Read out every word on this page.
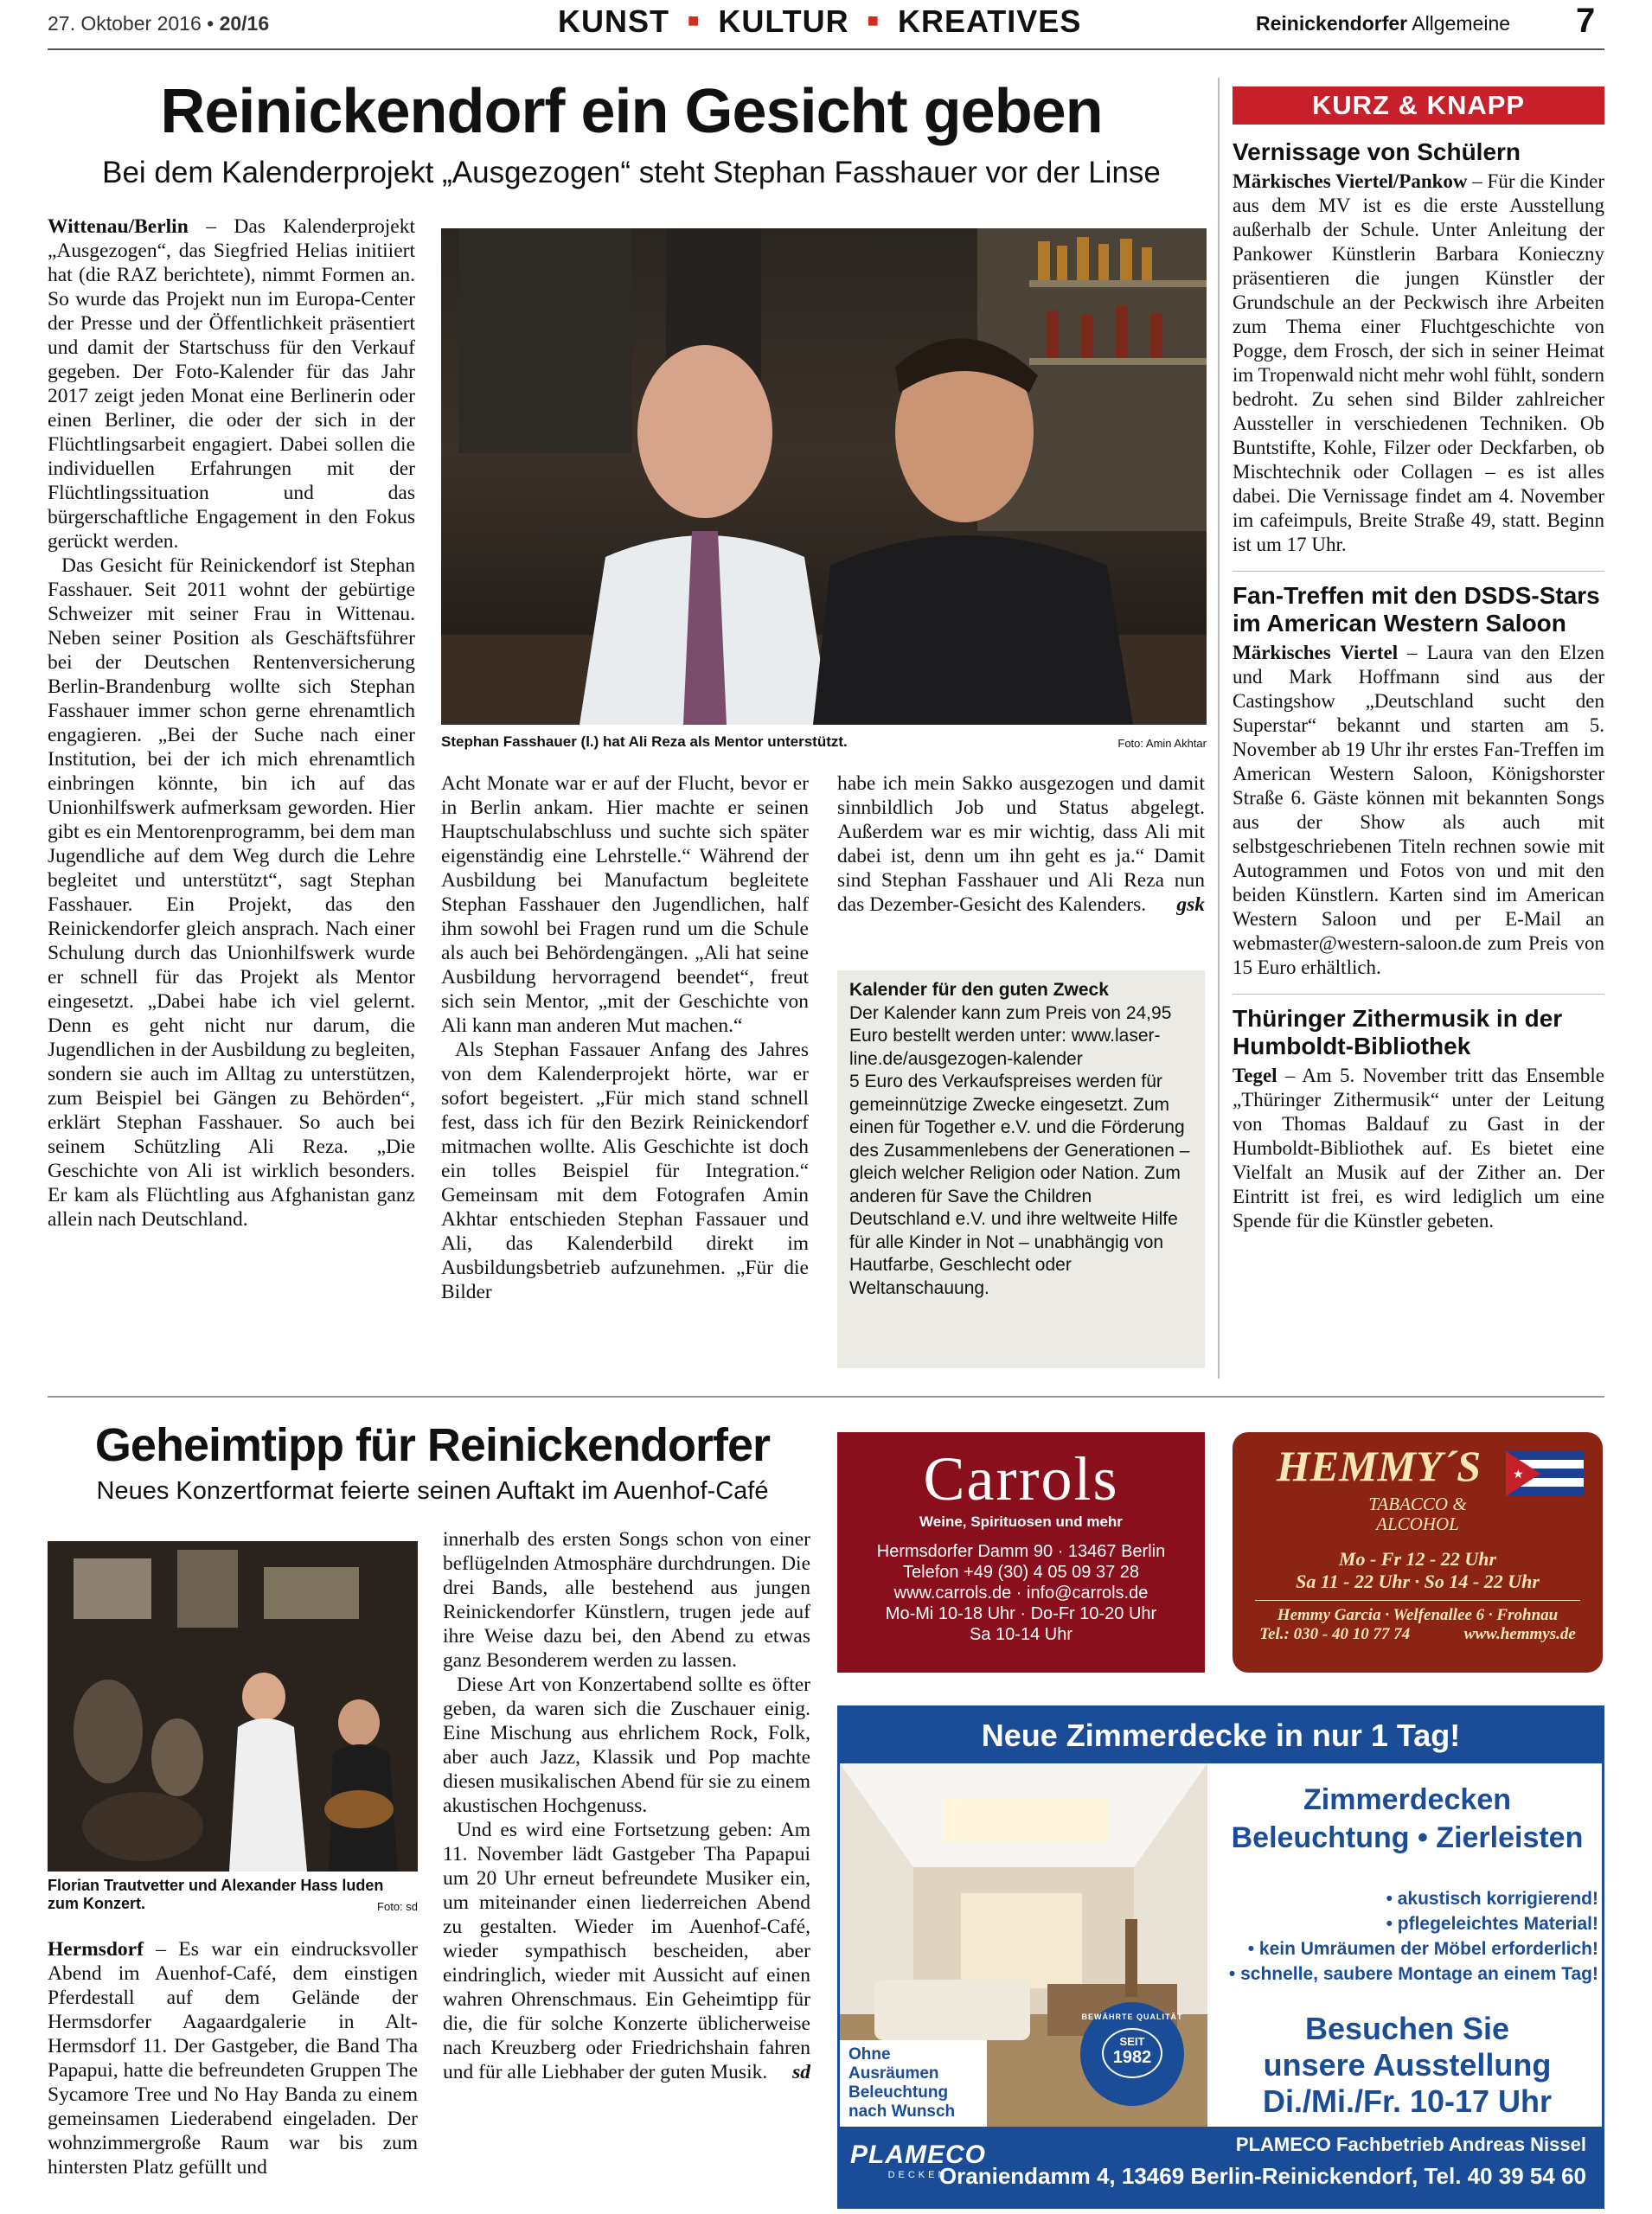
27. Oktober 2016 • 20/16	KUNST ■ KULTUR ■ KREATIVES	Reinickendorfer Allgemeine 7
Reinickendorf ein Gesicht geben
Bei dem Kalenderprojekt „Ausgezogen“ steht Stephan Fasshauer vor der Linse

Wittenau/Berlin – Das Kalenderprojekt „Ausgezogen“, das Siegfried Helias initiiert hat (die RAZ berichtete), nimmt Formen an. So wurde das Projekt nun im Europa-Center der Presse und der Öffentlichkeit präsentiert und damit der Startschuss für den Verkauf gegeben. Der Foto-Kalender für das Jahr 2017 zeigt jeden Monat eine Berlinerin oder einen Berliner, die oder der sich in der Flüchtlingsarbeit engagiert. Dabei sollen die individuellen Erfahrungen mit der Flüchtlingssituation und das bürgerschaftliche Engagement in den Fokus gerückt werden.

Das Gesicht für Reinickendorf ist Stephan Fasshauer. Seit 2011 wohnt der gebürtige Schweizer mit seiner Frau in Wittenau. Neben seiner Position als Geschäftsführer bei der Deutschen Rentenversicherung Berlin-Brandenburg wollte sich Stephan Fasshauer immer schon gerne ehrenamtlich engagieren. „Bei der Suche nach einer Institution, bei der ich mich ehrenamtlich einbringen könnte, bin ich auf das Unionhilfswerk aufmerksam geworden. Hier gibt es ein Mentorenprogramm, bei dem man Jugendliche auf dem Weg durch die Lehre begleitet und unterstützt“, sagt Stephan Fasshauer. Ein Projekt, das den Reinickendorfer gleich ansprach. Nach einer Schulung durch das Unionhilfswerk wurde er schnell für das Projekt als Mentor eingesetzt. „Dabei habe ich viel gelernt. Denn es geht nicht nur darum, die Jugendlichen in der Ausbildung zu begleiten, sondern sie auch im Alltag zu unterstützen, zum Beispiel bei Gängen zu Behörden“, erklärt Stephan Fasshauer. So auch bei seinem Schützling Ali Reza. „Die Geschichte von Ali ist wirklich besonders. Er kam als Flüchtling aus Afghanistan ganz allein nach Deutschland.

Stephan Fasshauer (l.) hat Ali Reza als Mentor unterstützt.	Foto: Amin Akhtar

Acht Monate war er auf der Flucht, bevor er in Berlin ankam. Hier machte er seinen Hauptschulabschluss und suchte sich später eigenständig eine Lehrstelle.“ Während der Ausbildung bei Manufactum begleitete Stephan Fasshauer den Jugendlichen, half ihm sowohl bei Fragen rund um die Schule als auch bei Behördengängen. „Ali hat seine Ausbildung hervorragend beendet“, freut sich sein Mentor, „mit der Geschichte von Ali kann man anderen Mut machen.“

Als Stephan Fassauer Anfang des Jahres von dem Kalenderprojekt hörte, war er sofort begeistert. „Für mich stand schnell fest, dass ich für den Bezirk Reinickendorf mitmachen wollte. Alis Geschichte ist doch ein tolles Beispiel für Integration.“ Gemeinsam mit dem Fotografen Amin Akhtar entschieden Stephan Fassauer und Ali, das Kalenderbild direkt im Ausbildungsbetrieb aufzunehmen. „Für die Bilder

habe ich mein Sakko ausgezogen und damit sinnbildlich Job und Status abgelegt. Außerdem war es mir wichtig, dass Ali mit dabei ist, denn um ihn geht es ja.“ Damit sind Stephan Fasshauer und Ali Reza nun das Dezember-Gesicht des Kalenders. gsk

Kalender für den guten Zweck
Der Kalender kann zum Preis von 24,95 Euro bestellt werden unter: www.laser-line.de/ausgezogen-kalender
5 Euro des Verkaufspreises werden für gemeinnützige Zwecke eingesetzt. Zum einen für Together e.V. und die Förderung des Zusammenlebens der Generationen – gleich welcher Religion oder Nation. Zum anderen für Save the Children Deutschland e.V. und ihre weltweite Hilfe für alle Kinder in Not – unabhängig von Hautfarbe, Geschlecht oder Weltanschauung.
KURZ & KNAPP
Vernissage von Schülern
Märkisches Viertel/Pankow – Für die Kinder aus dem MV ist es die erste Ausstellung außerhalb der Schule. Unter Anleitung der Pankower Künstlerin Barbara Konieczny präsentieren die jungen Künstler der Grundschule an der Peckwisch ihre Arbeiten zum Thema einer Fluchtgeschichte von Pogge, dem Frosch, der sich in seiner Heimat im Tropenwald nicht mehr wohl fühlt, sondern bedroht. Zu sehen sind Bilder zahlreicher Aussteller in verschiedenen Techniken. Ob Buntstifte, Kohle, Filzer oder Deckfarben, ob Mischtechnik oder Collagen – es ist alles dabei. Die Vernissage findet am 4. November im cafeimpuls, Breite Straße 49, statt. Beginn ist um 17 Uhr.
Fan-Treffen mit den DSDS-Stars im American Western Saloon
Märkisches Viertel – Laura van den Elzen und Mark Hoffmann sind aus der Castingshow „Deutschland sucht den Superstar“ bekannt und starten am 5. November ab 19 Uhr ihr erstes Fan-Treffen im American Western Saloon, Königshorster Straße 6. Gäste können mit bekannten Songs aus der Show als auch mit selbstgeschriebenen Titeln rechnen sowie mit Autogrammen und Fotos von und mit den beiden Künstlern. Karten sind im American Western Saloon und per E-Mail an webmaster@western-saloon.de zum Preis von 15 Euro erhältlich.
Thüringer Zithermusik in der Humboldt-Bibliothek
Tegel – Am 5. November tritt das Ensemble „Thüringer Zithermusik“ unter der Leitung von Thomas Baldauf zu Gast in der Humboldt-Bibliothek auf. Es bietet eine Vielfalt an Musik auf der Zither an. Der Eintritt ist frei, es wird lediglich um eine Spende für die Künstler gebeten.
Geheimtipp für Reinickendorfer
Neues Konzertformat feierte seinen Auftakt im Auenhof-Café
Florian Trautvetter und Alexander Hass luden zum Konzert.	Foto: sd

Hermsdorf – Es war ein eindrucksvoller Abend im Auenhof-Café, dem einstigen Pferdestall auf dem Gelände der Hermsdorfer Aagaardgalerie in Alt-Hermsdorf 11. Der Gastgeber, die Band Tha Papapui, hatte die befreundeten Gruppen The Sycamore Tree und No Hay Banda zu einem gemeinsamen Liederabend eingeladen. Der wohnzimmergroße Raum war bis zum hintersten Platz gefüllt und

innerhalb des ersten Songs schon von einer beflügelnden Atmosphäre durchdrungen. Die drei Bands, alle bestehend aus jungen Reinickendorfer Künstlern, trugen jede auf ihre Weise dazu bei, den Abend zu etwas ganz Besonderem werden zu lassen.

Diese Art von Konzertabend sollte es öfter geben, da waren sich die Zuschauer einig. Eine Mischung aus ehrlichem Rock, Folk, aber auch Jazz, Klassik und Pop machte diesen musikalischen Abend für sie zu einem akustischen Hochgenuss.

Und es wird eine Fortsetzung geben: Am 11. November lädt Gastgeber Tha Papapui um 20 Uhr erneut befreundete Musiker ein, um miteinander einen liederreichen Abend zu gestalten. Wieder im Auenhof-Café, wieder sympathisch bescheiden, aber eindringlich, wieder mit Aussicht auf einen wahren Ohrenschmaus. Ein Geheimtipp für die, die für solche Konzerte üblicherweise nach Kreuzberg oder Friedrichshain fahren und für alle Liebhaber der guten Musik.	sd

Carrols
Weine, Spirituosen und mehr
Hermsdorfer Damm 90 · 13467 Berlin
Telefon +49 (30) 4 05 09 37 28
www.carrols.de · info@carrols.de
Mo-Mi 10-18 Uhr · Do-Fr 10-20 Uhr
Sa 10-14 Uhr
HEMMY´S	★
TABACCO &
ALCOHOL
Mo - Fr 12 - 22 Uhr
Sa 11 - 22 Uhr · So 14 - 22 Uhr
Hemmy Garcia · Welfenallee 6 · Frohnau
Tel.: 030 - 40 10 77 74	www.hemmys.de
Neue Zimmerdecke in nur 1 Tag!
Ohne Ausräumen
Beleuchtung
nach Wunsch
Zimmerdecken
Beleuchtung • Zierleisten
• akustisch korrigierend!
• pflegeleichtes Material!
• kein Umräumen der Möbel erforderlich!
• schnelle, saubere Montage an einem Tag!
BEWÄHRTE QUALITÄT
SEIT
1982
Besuchen Sie
unsere Ausstellung
Di./Mi./Fr. 10-17 Uhr
PLAMECO
DECKEN
PLAMECO Fachbetrieb Andreas Nissel
Oraniendamm 4, 13469 Berlin-Reinickendorf, Tel. 40 39 54 60
